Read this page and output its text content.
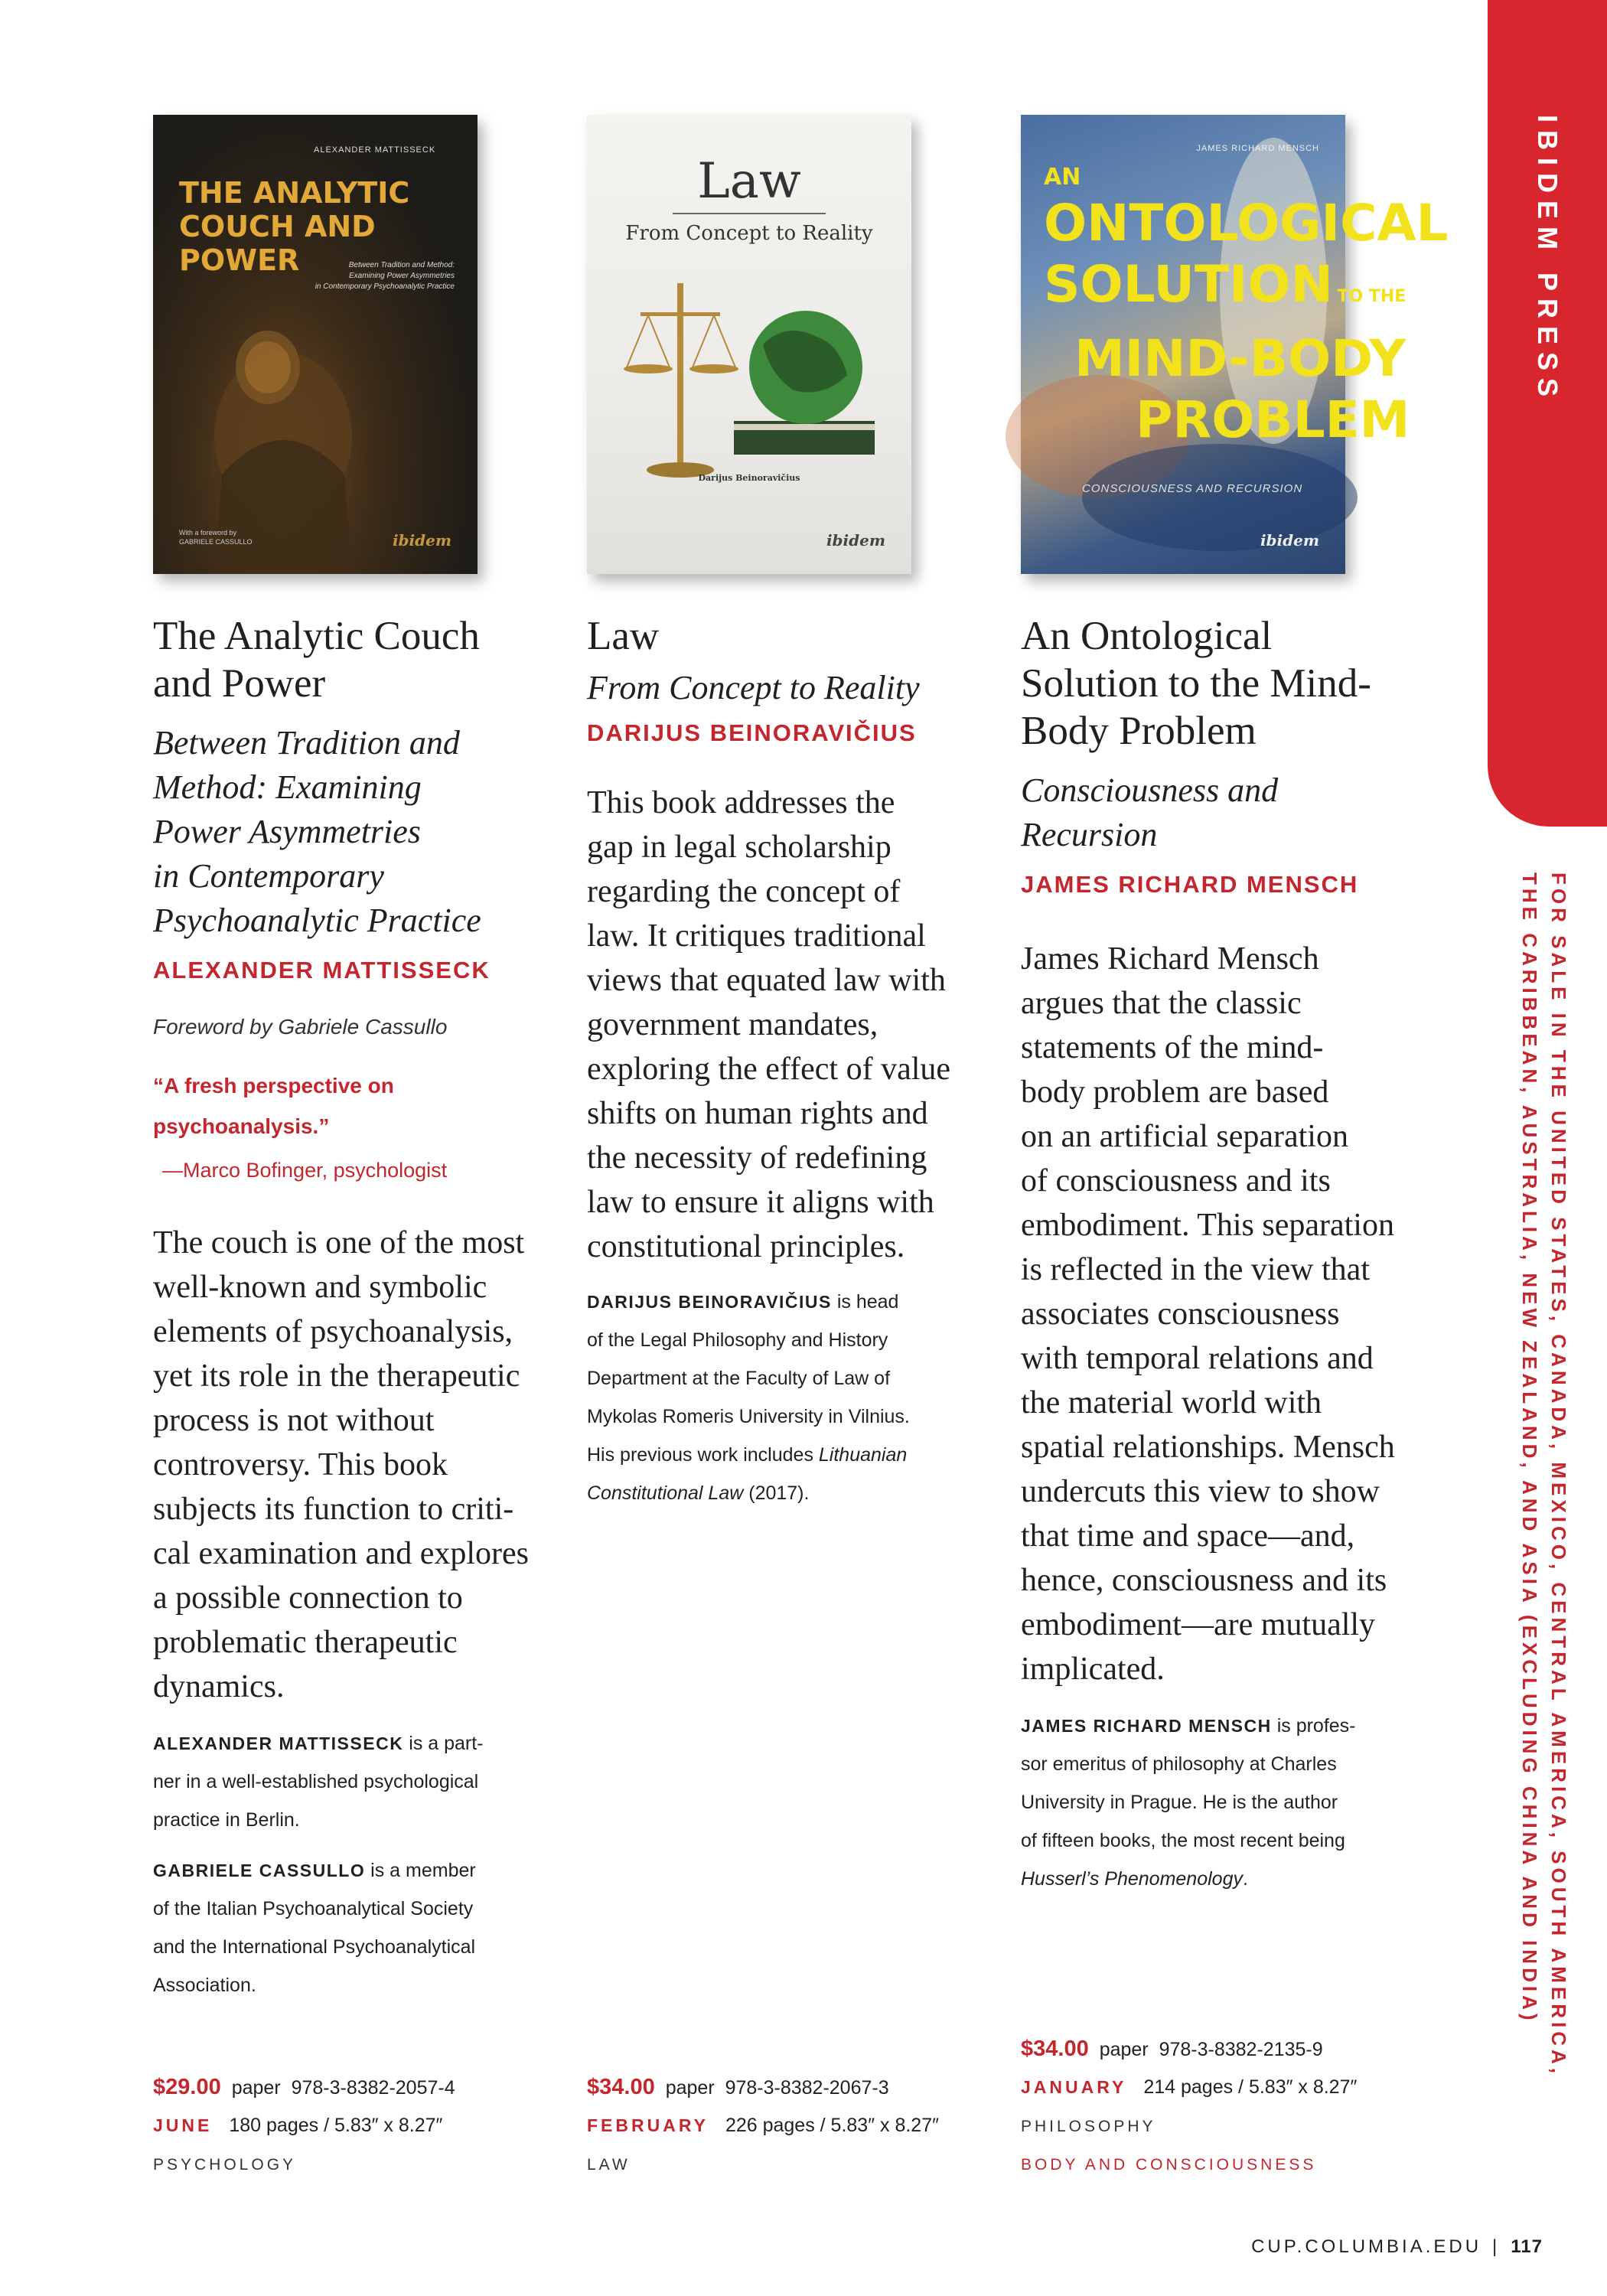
IBIDEM PRESS
FOR SALE IN THE UNITED STATES, CANADA, MEXICO, CENTRAL AMERICA, SOUTH AMERICA,
THE CARIBBEAN, AUSTRALIA, NEW ZEALAND, AND ASIA (EXCLUDING CHINA AND INDIA)
ALEXANDER MATTISSECK
THE ANALYTIC
COUCH AND POWER	Between Tradition and Method:
Examining Power Asymmetries
in Contemporary Psychoanalytic Practice
With a foreword by
GABRIELE CASSULLO	ibidem
The Analytic Couch
and Power
Between Tradition and
Method: Examining
Power Asymmetries
in Contemporary
Psychoanalytic Practice
ALEXANDER MATTISSECK
Foreword by Gabriele Cassullo
“A fresh perspective on
psychoanalysis.”
—Marco Bofinger, psychologist
The couch is one of the most
well-known and symbolic
elements of psychoanalysis,
yet its role in the therapeutic
process is not without
controversy. This book
subjects its function to criti-
cal examination and explores
a possible connection to
problematic therapeutic
dynamics.
ALEXANDER MATTISSECK is a part-
ner in a well-established psychological
practice in Berlin.
GABRIELE CASSULLO is a member
of the Italian Psychoanalytical Society
and the International Psychoanalytical
Association.
$29.00 paper 978-3-8382-2057-4
JUNE 180 pages / 5.83″ x 8.27″
PSYCHOLOGY
Law
From Concept to Reality
Darijus Beinoravičius
ibidem
Law
From Concept to Reality
DARIJUS BEINORAVIČIUS
This book addresses the
gap in legal scholarship
regarding the concept of
law. It critiques traditional
views that equated law with
government mandates,
exploring the effect of value
shifts on human rights and
the necessity of redefining
law to ensure it aligns with
constitutional principles.
DARIJUS BEINORAVIČIUS is head
of the Legal Philosophy and History
Department at the Faculty of Law of
Mykolas Romeris University in Vilnius.
His previous work includes Lithuanian
Constitutional Law (2017).
$34.00 paper 978-3-8382-2067-3
FEBRUARY 226 pages / 5.83″ x 8.27″
LAW
JAMES RICHARD MENSCH
AN
ONTOLOGICAL
SOLUTION TO THE
MIND-BODY
PROBLEM
CONSCIOUSNESS AND RECURSION
ibidem
An Ontological
Solution to the Mind-
Body Problem
Consciousness and
Recursion
JAMES RICHARD MENSCH
James Richard Mensch
argues that the classic
statements of the mind-
body problem are based
on an artificial separation
of consciousness and its
embodiment. This separation
is reflected in the view that
associates consciousness
with temporal relations and
the material world with
spatial relationships. Mensch
undercuts this view to show
that time and space—and,
hence, consciousness and its
embodiment—are mutually
implicated.
JAMES RICHARD MENSCH is profes-
sor emeritus of philosophy at Charles
University in Prague. He is the author
of fifteen books, the most recent being
Husserl’s Phenomenology.
$34.00 paper 978-3-8382-2135-9
JANUARY 214 pages / 5.83″ x 8.27″
PHILOSOPHY
BODY AND CONSCIOUSNESS
CUP.COLUMBIA.EDU | 117
